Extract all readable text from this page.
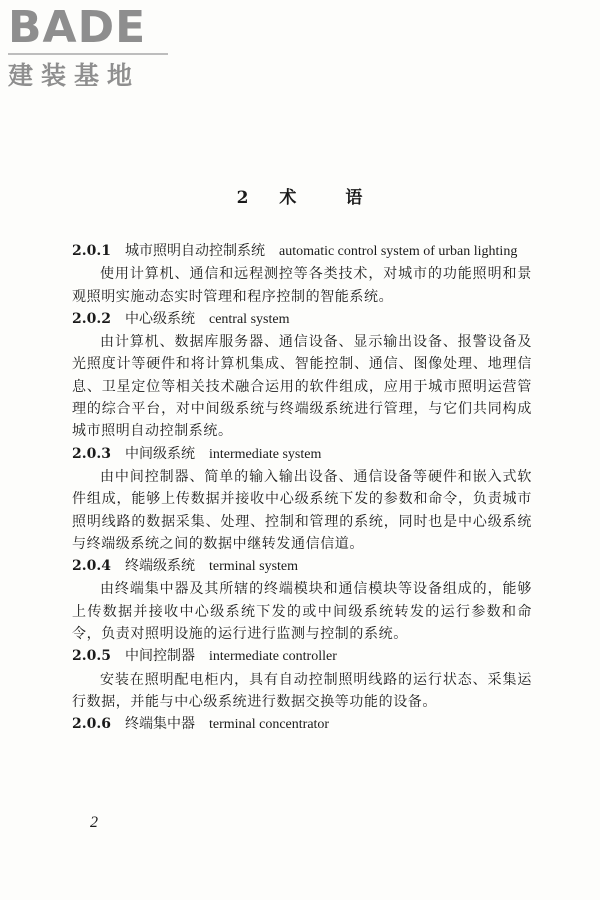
BADE
建装基地
2 术	语

2.0.1 城市照明自动控制系统 automatic control system of urban lighting

使用计算机、通信和远程测控等各类技术，对城市的功能照明和景观照明实施动态实时管理和程序控制的智能系统。

2.0.2 中心级系统 central system

由计算机、数据库服务器、通信设备、显示输出设备、报警设备及光照度计等硬件和将计算机集成、智能控制、通信、图像处理、地理信息、卫星定位等相关技术融合运用的软件组成，应用于城市照明运营管理的综合平台，对中间级系统与终端级系统进行管理，与它们共同构成城市照明自动控制系统。

2.0.3 中间级系统 intermediate system

由中间控制器、简单的输入输出设备、通信设备等硬件和嵌入式软件组成，能够上传数据并接收中心级系统下发的参数和命令，负责城市照明线路的数据采集、处理、控制和管理的系统，同时也是中心级系统与终端级系统之间的数据中继转发通信信道。

2.0.4 终端级系统 terminal system

由终端集中器及其所辖的终端模块和通信模块等设备组成的，能够上传数据并接收中心级系统下发的或中间级系统转发的运行参数和命令，负责对照明设施的运行进行监测与控制的系统。

2.0.5 中间控制器 intermediate controller

安装在照明配电柜内，具有自动控制照明线路的运行状态、采集运行数据，并能与中心级系统进行数据交换等功能的设备。

2.0.6 终端集中器 terminal concentrator

2
